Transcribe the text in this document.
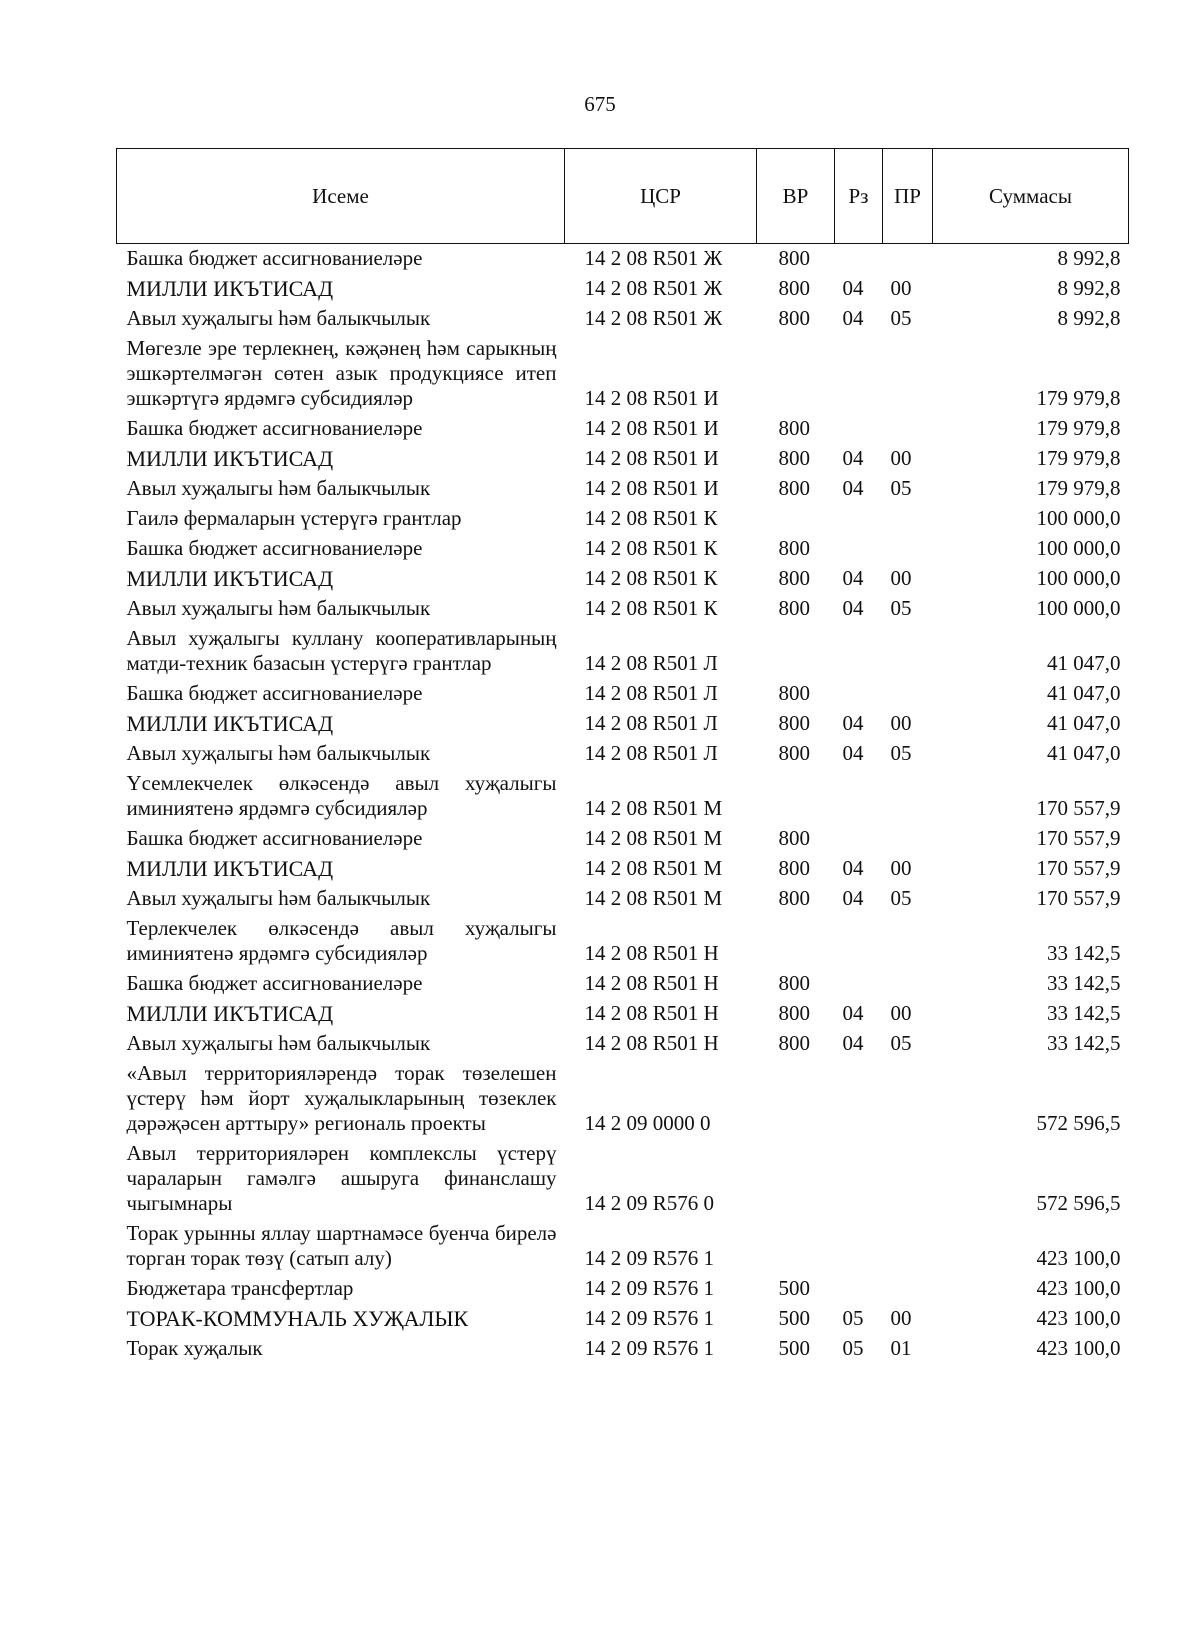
675
Исеме	ЦСР	ВР	Рз	ПР	Суммасы
Башка бюджет ассигнованиеләре	14 2 08 R501 Ж	800			8 992,8
МИЛЛИ ИКЪТИСАД	14 2 08 R501 Ж	800	04	00	8 992,8
Авыл хуҗалыгы һәм балыкчылык	14 2 08 R501 Ж	800	04	05	8 992,8
Мөгезле эре терлекнең, кәҗәнең һәм сарыкның эшкәртелмәгән сөтен азык продукциясе итеп эшкәртүгә ярдәмгә субсидияләр	14 2 08 R501 И				179 979,8
Башка бюджет ассигнованиеләре	14 2 08 R501 И	800			179 979,8
МИЛЛИ ИКЪТИСАД	14 2 08 R501 И	800	04	00	179 979,8
Авыл хуҗалыгы һәм балыкчылык	14 2 08 R501 И	800	04	05	179 979,8
Гаилә фермаларын үстерүгә грантлар	14 2 08 R501 К				100 000,0
Башка бюджет ассигнованиеләре	14 2 08 R501 К	800			100 000,0
МИЛЛИ ИКЪТИСАД	14 2 08 R501 К	800	04	00	100 000,0
Авыл хуҗалыгы һәм балыкчылык	14 2 08 R501 К	800	04	05	100 000,0
Авыл хуҗалыгы куллану кооперативларының матди-техник базасын үстерүгә грантлар	14 2 08 R501 Л				41 047,0
Башка бюджет ассигнованиеләре	14 2 08 R501 Л	800			41 047,0
МИЛЛИ ИКЪТИСАД	14 2 08 R501 Л	800	04	00	41 047,0
Авыл хуҗалыгы һәм балыкчылык	14 2 08 R501 Л	800	04	05	41 047,0
Үсемлекчелек өлкәсендә авыл хуҗалыгы иминиятенә ярдәмгә субсидияләр	14 2 08 R501 М				170 557,9
Башка бюджет ассигнованиеләре	14 2 08 R501 М	800			170 557,9
МИЛЛИ ИКЪТИСАД	14 2 08 R501 М	800	04	00	170 557,9
Авыл хуҗалыгы һәм балыкчылык	14 2 08 R501 М	800	04	05	170 557,9
Терлекчелек өлкәсендә авыл хуҗалыгы иминиятенә ярдәмгә субсидияләр	14 2 08 R501 Н				33 142,5
Башка бюджет ассигнованиеләре	14 2 08 R501 Н	800			33 142,5
МИЛЛИ ИКЪТИСАД	14 2 08 R501 Н	800	04	00	33 142,5
Авыл хуҗалыгы һәм балыкчылык	14 2 08 R501 Н	800	04	05	33 142,5
«Авыл территорияләрендә торак төзелешен үстерү һәм йорт хуҗалыкларының төзеклек дәрәҗәсен арттыру» региональ проекты	14 2 09 0000 0				572 596,5
Авыл территорияләрен комплекслы үстерү чараларын гамәлгә ашыруга финанслашу чыгымнары	14 2 09 R576 0				572 596,5
Торак урынны яллау шартнамәсе буенча бирелә торган торак төзү (сатып алу)	14 2 09 R576 1				423 100,0
Бюджетара трансфертлар	14 2 09 R576 1	500			423 100,0
ТОРАК-КОММУНАЛЬ ХУҖАЛЫК	14 2 09 R576 1	500	05	00	423 100,0
Торак хуҗалык	14 2 09 R576 1	500	05	01	423 100,0
